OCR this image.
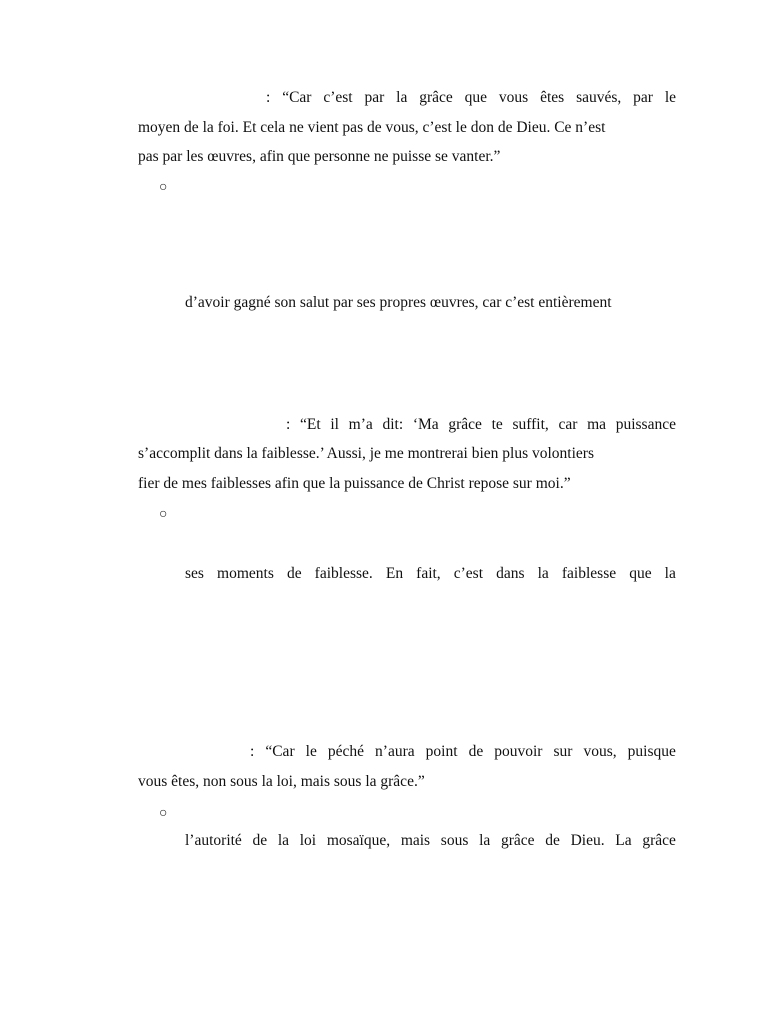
: “Car c’est par la grâce que vous êtes sauvés, par le
moyen de la foi. Et cela ne vient pas de vous, c’est le don de Dieu. Ce n’est
pas par les œuvres, afin que personne ne puisse se vanter.”
○
d’avoir gagné son salut par ses propres œuvres, car c’est entièrement
: “Et il m’a dit: ‘Ma grâce te suffit, car ma puissance
s’accomplit dans la faiblesse.’ Aussi, je me montrerai bien plus volontiers
fier de mes faiblesses afin que la puissance de Christ repose sur moi.”
○
ses moments de faiblesse. En fait, c’est dans la faiblesse que la
: “Car le péché n’aura point de pouvoir sur vous, puisque
vous êtes, non sous la loi, mais sous la grâce.”
○
l’autorité de la loi mosaïque, mais sous la grâce de Dieu. La grâce
